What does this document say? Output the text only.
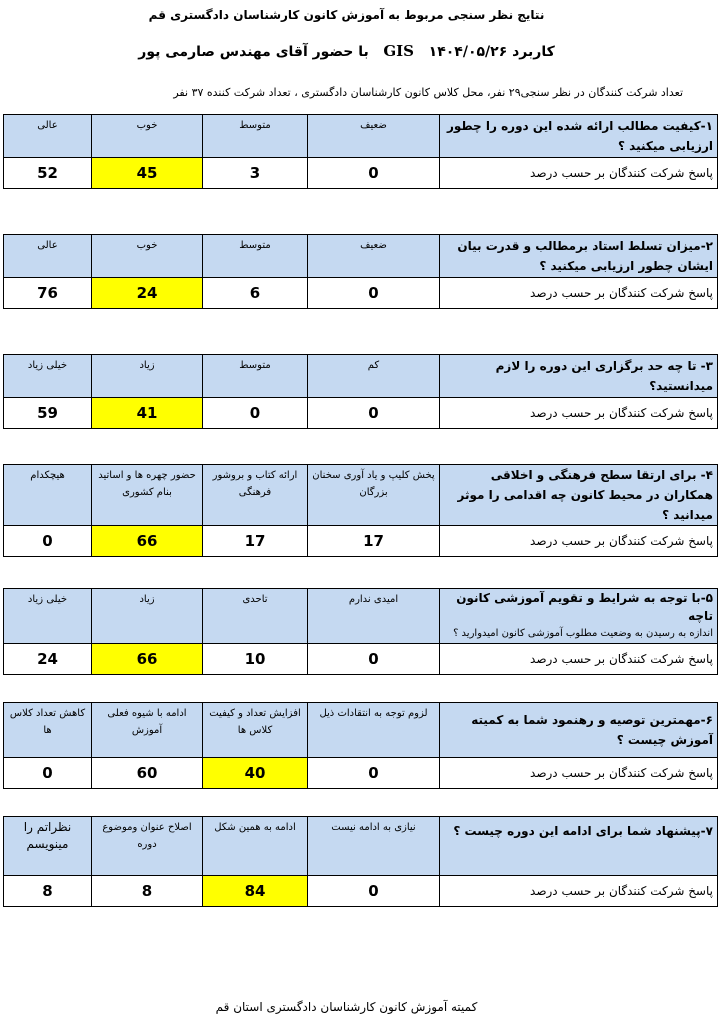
نتایج نظر سنجی مربوط به آموزش کانون کارشناسان دادگستری قم
کاربرد GIS ۱۴۰۴/۰۵/۲۶   با حضور آقای مهندس صارمی پور
تعداد شرکت کنندگان در نظر سنجی۲۹ نفر، محل کلاس کانون کارشناسان دادگستری ، تعداد شرکت کننده ۳۷ نفر
۱-کیفیت مطالب ارائه شده این دوره را چطور ارزیابی میکنید ؟	ضعیف	متوسط	خوب	عالی
پاسخ شرکت کنندگان بر حسب درصد	0	3	45	52
۲-میزان تسلط استاد برمطالب و قدرت بیان ایشان چطور ارزیابی میکنید ؟	ضعیف	متوسط	خوب	عالی
پاسخ شرکت کنندگان بر حسب درصد	0	6	24	76
۳- تا چه حد برگزاری این دوره را لازم میدانستید؟	کم	متوسط	زیاد	خیلی زیاد
پاسخ شرکت کنندگان بر حسب درصد	0	0	41	59
۴- برای ارتقا سطح فرهنگی و اخلاقی همکاران در محیط کانون چه اقدامی را موثر میدانید ؟	پخش کلیپ و یاد آوری سخنان بزرگان	ارائه کتاب و بروشور فرهنگی	حضور چهره ها و اساتید بنام کشوری	هیچکدام
پاسخ شرکت کنندگان بر حسب درصد	17	17	66	0
۵-با توجه به شرایط و تقویم آموزشی کانون تاچه
اندازه به رسیدن به وضعیت مطلوب آموزشی کانون امیدوارید ؟	امیدی ندارم	تاحدی	زیاد	خیلی زیاد
پاسخ شرکت کنندگان بر حسب درصد	0	10	66	24
۶-مهمترین توصیه و رهنمود شما به کمیته آموزش چیست ؟	لزوم توجه به انتقادات ذیل	افزایش تعداد و کیفیت کلاس ها	ادامه با شیوه فعلی آموزش	کاهش تعداد کلاس ها
پاسخ شرکت کنندگان بر حسب درصد	0	40	60	0
۷-پیشنهاد شما برای ادامه این دوره چیست ؟	نیازی به ادامه نیست	ادامه به همین شکل	اصلاح عنوان وموضوع دوره	نظراتم را مینویسم
پاسخ شرکت کنندگان بر حسب درصد	0	84	8	8
کمیته آموزش کانون کارشناسان دادگستری استان قم
